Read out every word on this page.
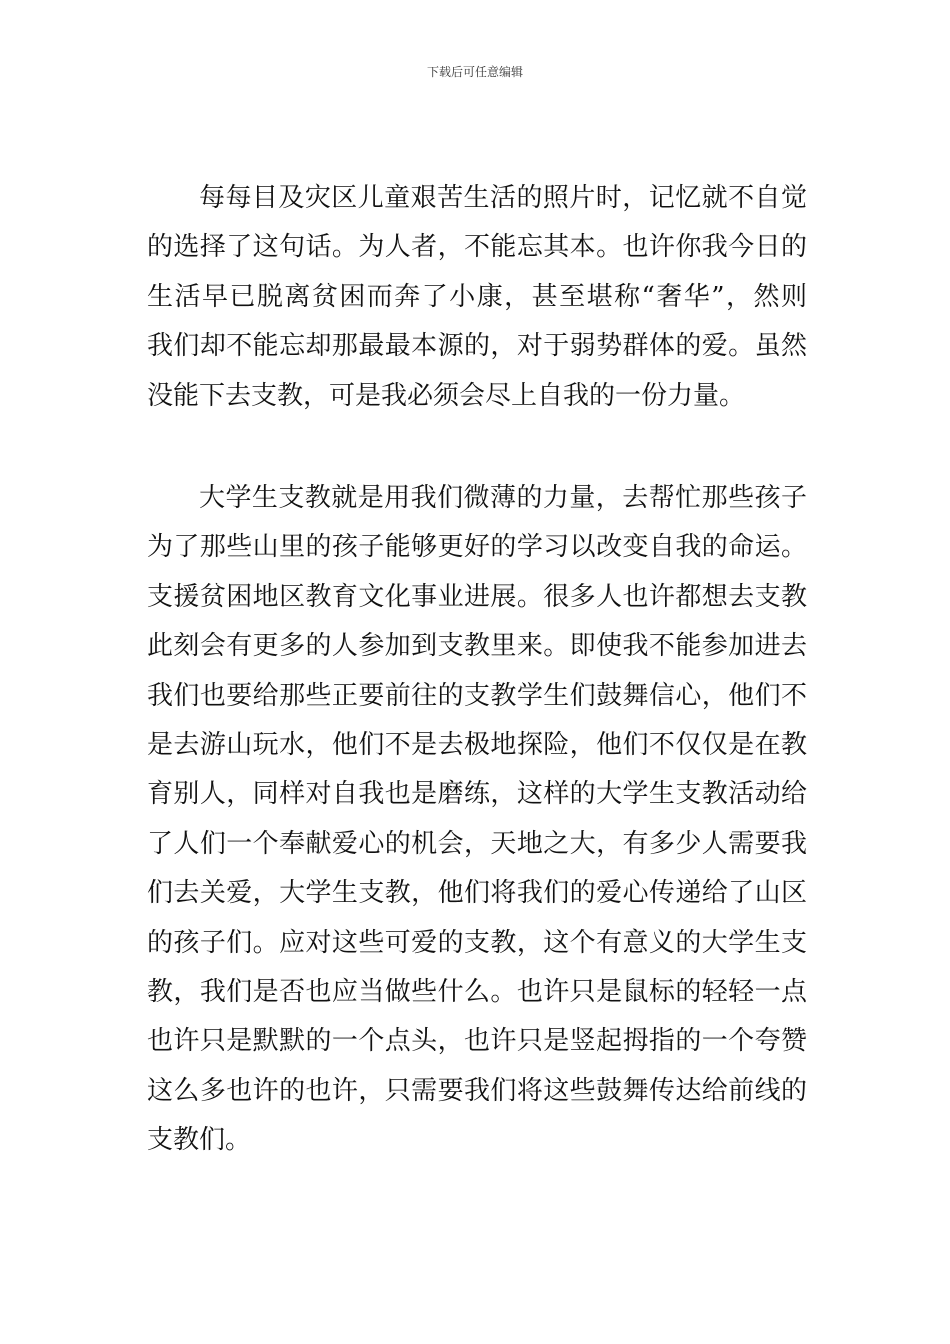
下载后可任意编辑
每每目及灾区儿童艰苦生活的照片时，记忆就不自觉
的选择了这句话。为人者，不能忘其本。也许你我今日的
生活早已脱离贫困而奔了小康，甚至堪称“奢华”，然则
我们却不能忘却那最最本源的，对于弱势群体的爱。虽然
没能下去支教，可是我必须会尽上自我的一份力量。
大学生支教就是用我们微薄的力量，去帮忙那些孩子
为了那些山里的孩子能够更好的学习以改变自我的命运。
支援贫困地区教育文化事业进展。很多人也许都想去支教
此刻会有更多的人参加到支教里来。即使我不能参加进去
我们也要给那些正要前往的支教学生们鼓舞信心，他们不
是去游山玩水，他们不是去极地探险，他们不仅仅是在教
育别人，同样对自我也是磨练，这样的大学生支教活动给
了人们一个奉献爱心的机会，天地之大，有多少人需要我
们去关爱，大学生支教，他们将我们的爱心传递给了山区
的孩子们。应对这些可爱的支教，这个有意义的大学生支
教，我们是否也应当做些什么。也许只是鼠标的轻轻一点
也许只是默默的一个点头，也许只是竖起拇指的一个夸赞
这么多也许的也许，只需要我们将这些鼓舞传达给前线的
支教们。
